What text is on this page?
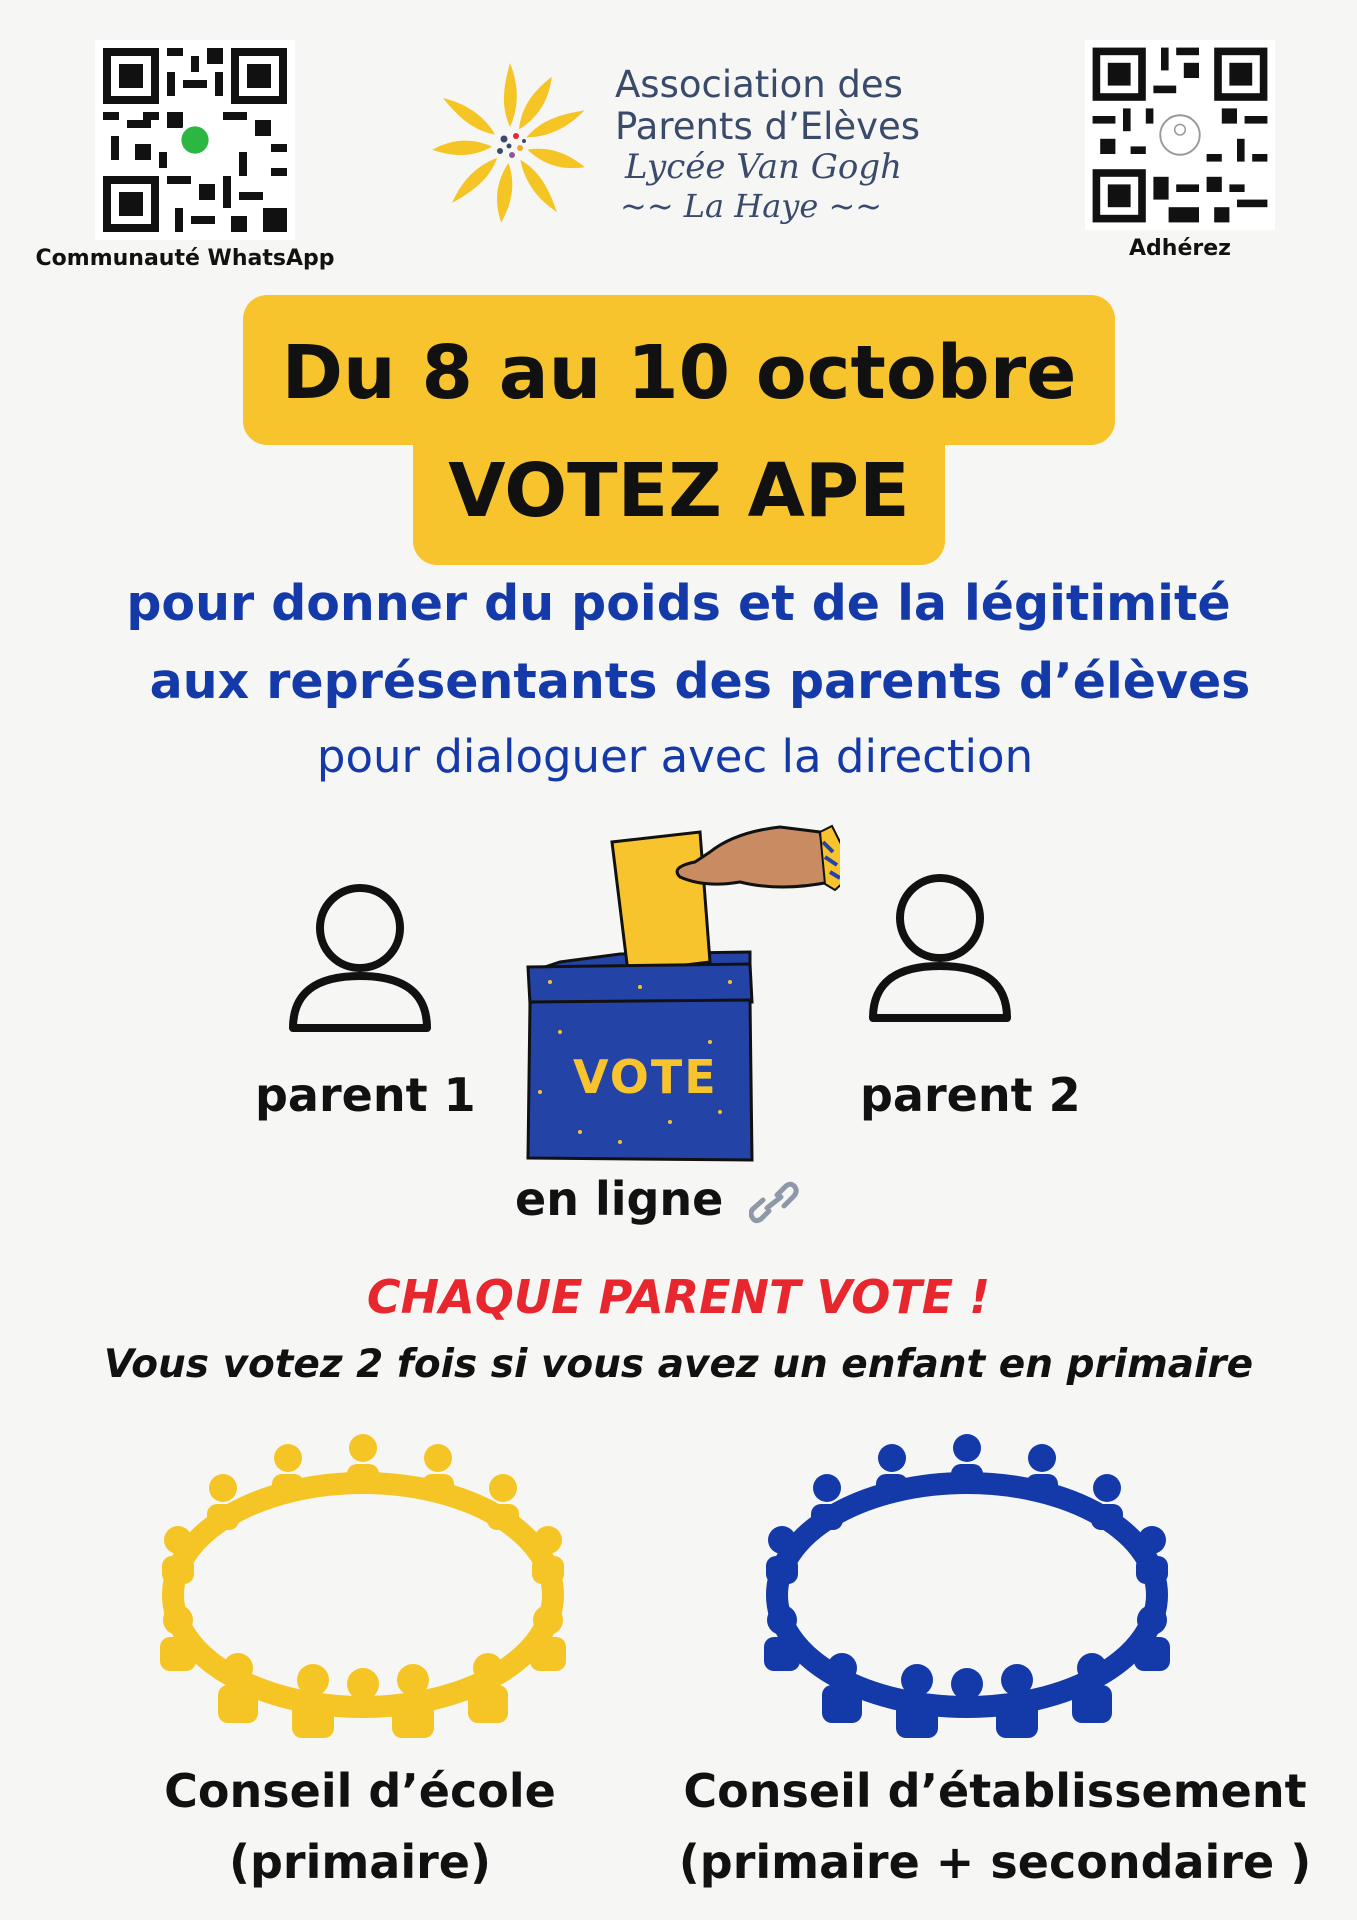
Communauté WhatsApp	Adhérez
Association des
Parents d’Elèves
Lycée Van Gogh
~~ La Haye ~~
Du 8 au 10 octobre
VOTEZ APE
pour donner du poids et de la légitimité
aux représentants des parents d’élèves
pour dialoguer avec la direction
parent 1	parent 2
VOTE
en ligne
CHAQUE PARENT VOTE !
Vous votez 2 fois si vous avez un enfant en primaire
Conseil d’école
(primaire)
Conseil d’établissement
(primaire + secondaire )
